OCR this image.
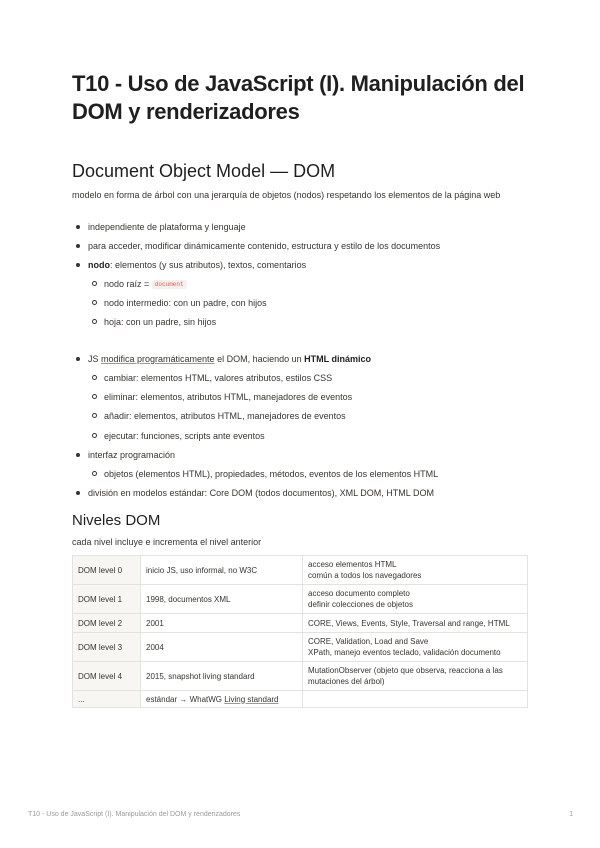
T10 - Uso de JavaScript (I). Manipulación del DOM y renderizadores
Document Object Model — DOM
modelo en forma de árbol con una jerarquía de objetos (nodos) respetando los elementos de la página web
independiente de plataforma y lenguaje
para acceder, modificar dinámicamente contenido, estructura y estilo de los documentos
nodo: elementos (y sus atributos), textos, comentarios
nodo raíz = document
nodo intermedio: con un padre, con hijos
hoja: con un padre, sin hijos
JS modifica programáticamente el DOM, haciendo un HTML dinámico
cambiar: elementos HTML, valores atributos, estilos CSS
eliminar: elementos, atributos HTML, manejadores de eventos
añadir: elementos, atributos HTML, manejadores de eventos
ejecutar: funciones, scripts ante eventos
interfaz programación
objetos (elementos HTML), propiedades, métodos, eventos de los elementos HTML
división en modelos estándar: Core DOM (todos documentos), XML DOM, HTML DOM
Niveles DOM
cada nivel incluye e incrementa el nivel anterior
DOM level 0	inicio JS, uso informal, no W3C	acceso elementos HTML
común a todos los navegadores

DOM level 1	1998, documentos XML	acceso documento completo
definir colecciones de objetos

DOM level 2	2001	CORE, Views, Events, Style, Traversal and range, HTML

DOM level 3	2004	CORE, Validation, Load and Save
XPath, manejo eventos teclado, validación documento

DOM level 4	2015, snapshot living standard	MutationObserver (objeto que observa, reacciona a las
mutaciones del árbol)

...	estándar → WhatWG Living standard	
T10 - Uso de JavaScript (I). Manipulación del DOM y renderizadores	1
